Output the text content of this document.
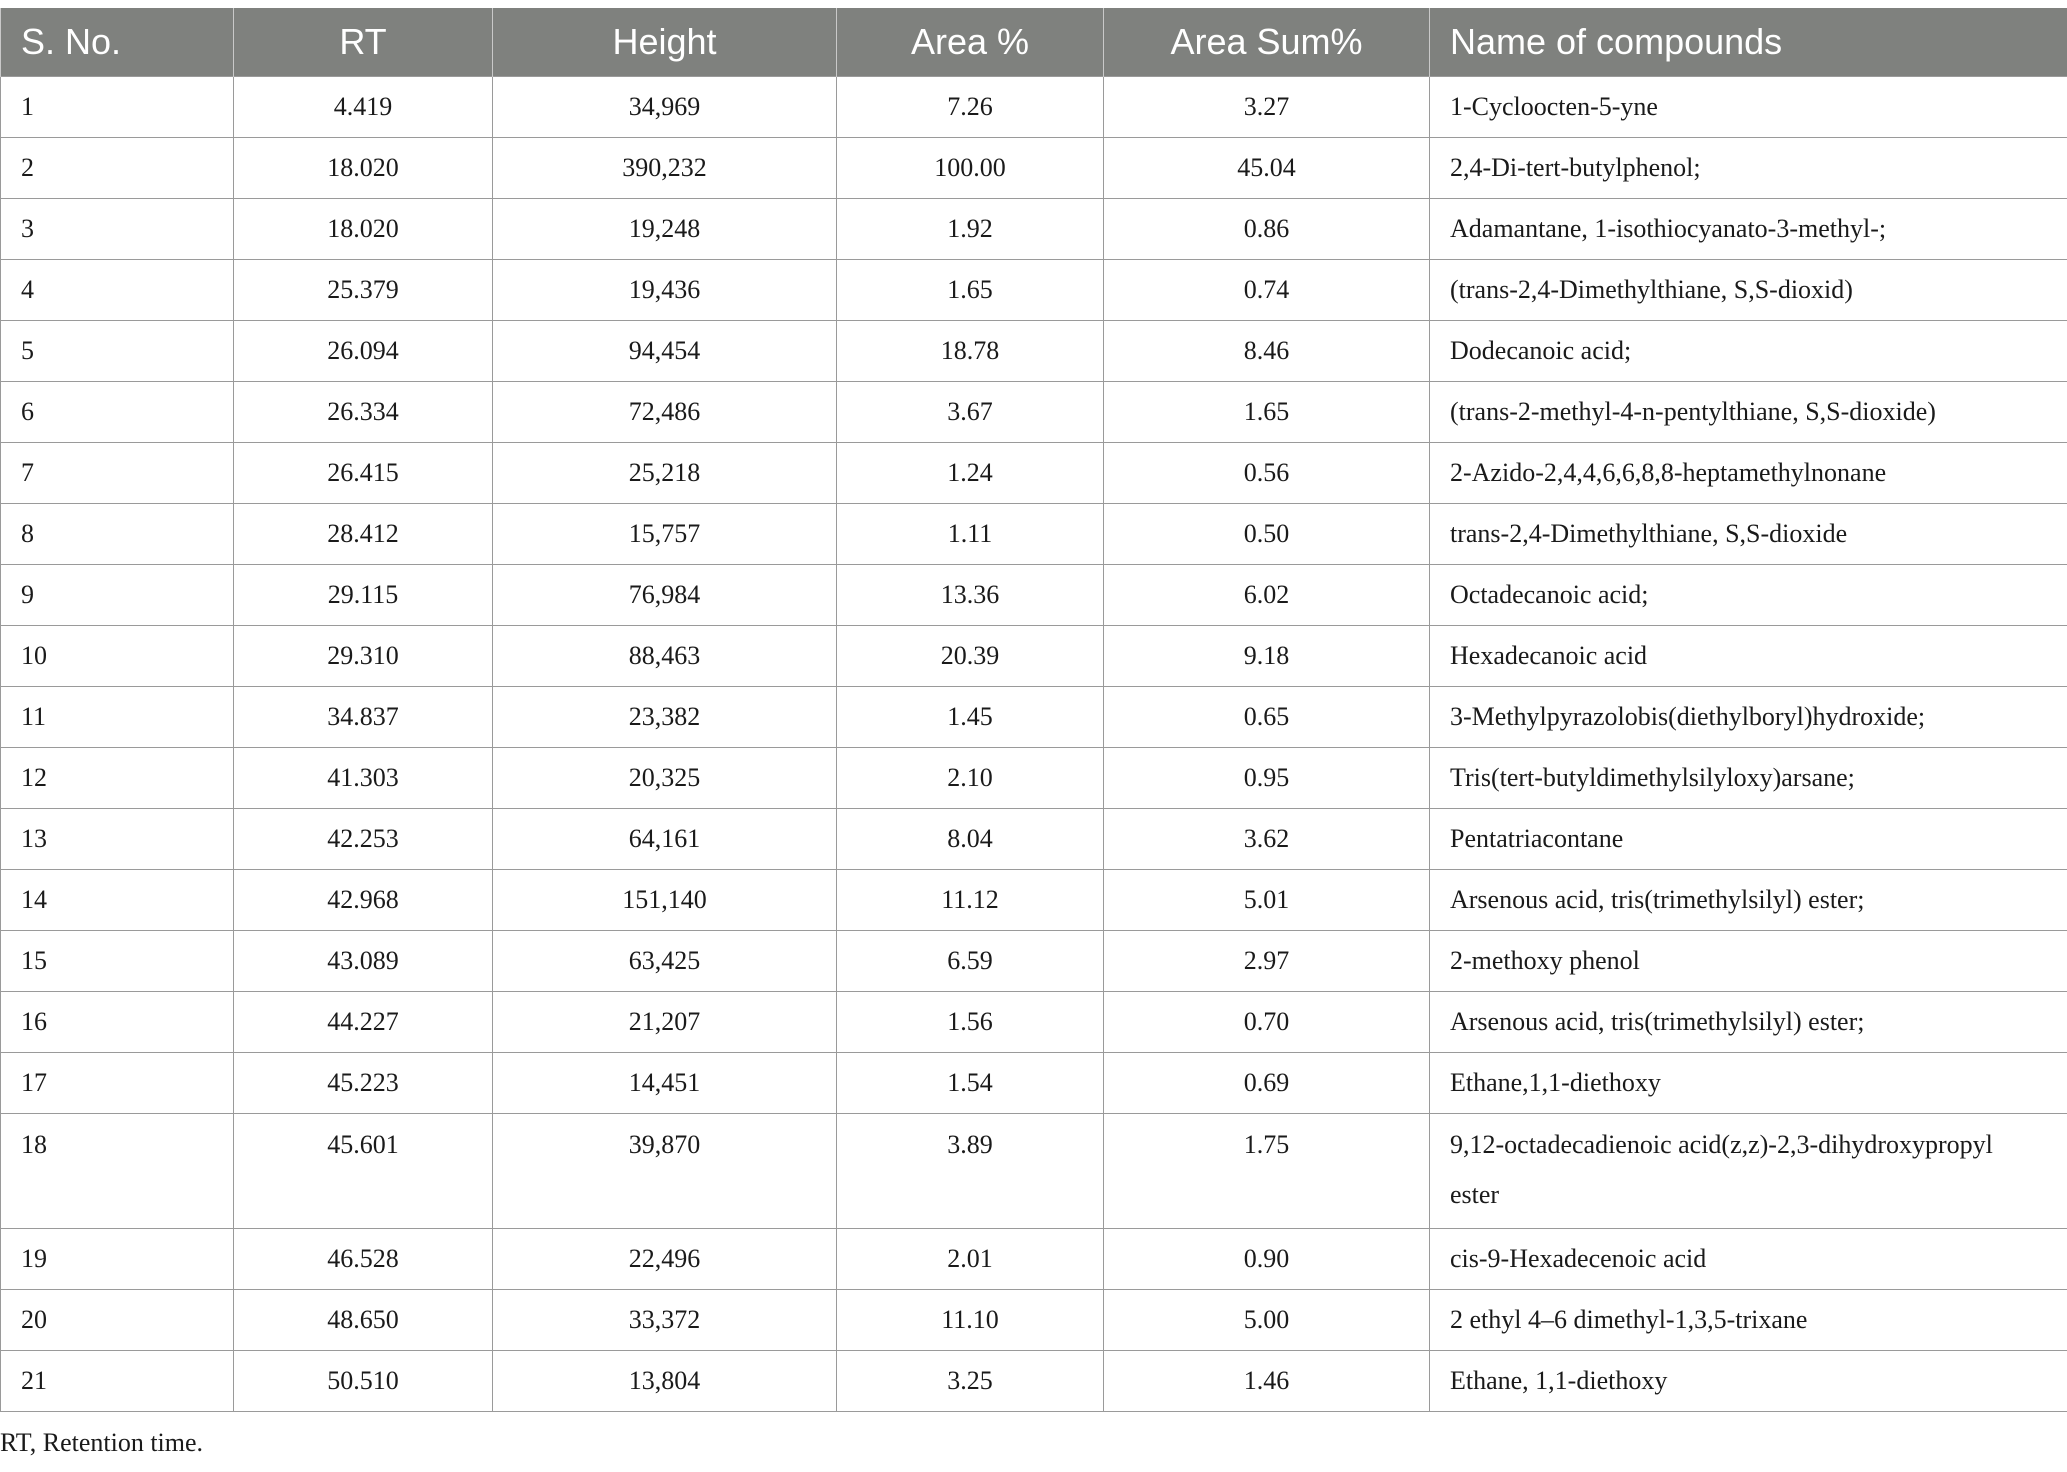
S. No.	RT	Height	Area %	Area Sum%	Name of compounds
1	4.419	34,969	7.26	3.27	1-Cycloocten-5-yne
2	18.020	390,232	100.00	45.04	2,4-Di-tert-butylphenol;
3	18.020	19,248	1.92	0.86	Adamantane, 1-isothiocyanato-3-methyl-;
4	25.379	19,436	1.65	0.74	(trans-2,4-Dimethylthiane, S,S-dioxid)
5	26.094	94,454	18.78	8.46	Dodecanoic acid;
6	26.334	72,486	3.67	1.65	(trans-2-methyl-4-n-pentylthiane, S,S-dioxide)
7	26.415	25,218	1.24	0.56	2-Azido-2,4,4,6,6,8,8-heptamethylnonane
8	28.412	15,757	1.11	0.50	trans-2,4-Dimethylthiane, S,S-dioxide
9	29.115	76,984	13.36	6.02	Octadecanoic acid;
10	29.310	88,463	20.39	9.18	Hexadecanoic acid
11	34.837	23,382	1.45	0.65	3-Methylpyrazolobis(diethylboryl)hydroxide;
12	41.303	20,325	2.10	0.95	Tris(tert-butyldimethylsilyloxy)arsane;
13	42.253	64,161	8.04	3.62	Pentatriacontane
14	42.968	151,140	11.12	5.01	Arsenous acid, tris(trimethylsilyl) ester;
15	43.089	63,425	6.59	2.97	2-methoxy phenol
16	44.227	21,207	1.56	0.70	Arsenous acid, tris(trimethylsilyl) ester;
17	45.223	14,451	1.54	0.69	Ethane,1,1-diethoxy
18	45.601	39,870	3.89	1.75	9,12-octadecadienoic acid(z,z)-2,3-dihydroxypropyl ester
19	46.528	22,496	2.01	0.90	cis-9-Hexadecenoic acid
20	48.650	33,372	11.10	5.00	2 ethyl 4–6 dimethyl-1,3,5-trixane
21	50.510	13,804	3.25	1.46	Ethane, 1,1-diethoxy
RT, Retention time.
